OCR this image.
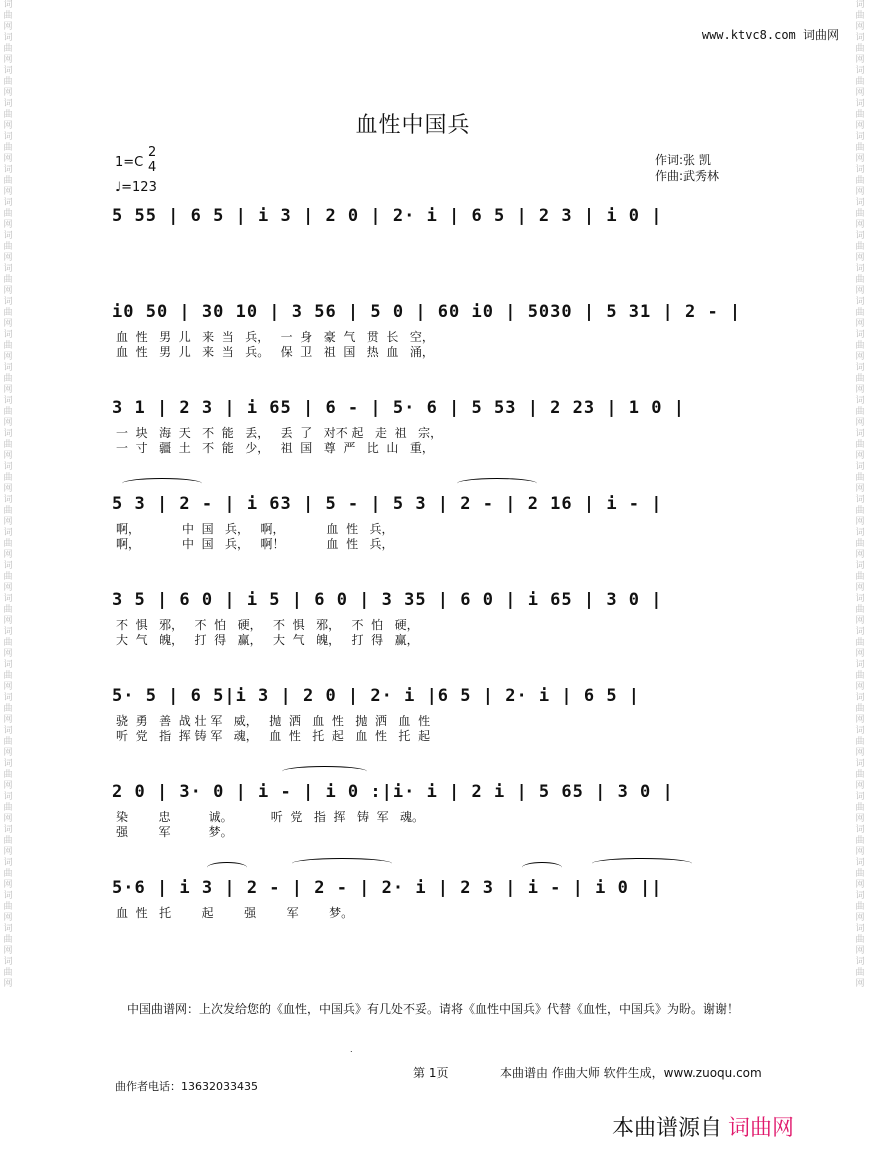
词曲网词曲网词曲网词曲网词曲网词曲网词曲网词曲网词曲网词曲网词曲网词曲网词曲网词曲网词曲网词曲网词曲网词曲网词曲网词曲网词曲网词曲网词曲网词曲网词曲网词曲网词曲网词曲网词曲网词曲网
词曲网词曲网词曲网词曲网词曲网词曲网词曲网词曲网词曲网词曲网词曲网词曲网词曲网词曲网词曲网词曲网词曲网词曲网词曲网词曲网词曲网词曲网词曲网词曲网词曲网词曲网词曲网词曲网词曲网词曲网
www.ktvc8.com 词曲网
血性中国兵
1=C
2
4
♩=123
作词:张 凯
作曲:武秀林
5 55 | 6 5 | i 3 | 2 0 | 2· i | 6 5 | 2 3 | i 0 |
i0 50 | 30 10 | 3 56 | 5 0 | 60 i0 | 5030 | 5 31 | 2 - |
血  性   男  儿   来  当   兵，   一  身   豪  气   贯  长   空，
血  性   男  儿   来  当   兵。   保  卫   祖  国   热  血   涌，
3 1 | 2 3 | i 65 | 6 - | 5· 6 | 5 53 | 2 23 | 1 0 |
一  块   海  天   不  能   丢，   丢  了   对不 起   走  祖   宗，
一  寸   疆  土   不  能   少，   祖  国   尊  严   比  山   重，
5 3 | 2 - | i 63 | 5 - | 5 3 | 2 - | 2 16 | i - |
啊，           中  国   兵，   啊，           血  性   兵，
啊，           中  国   兵，   啊！           血  性   兵，
3 5 | 6 0 | i 5 | 6 0 | 3 35 | 6 0 | i 65 | 3 0 |
不  惧   邪，   不  怕   硬，   不  惧   邪，   不  怕   硬，
大  气   魄，   打  得   赢，   大  气   魄，   打  得   赢，
5· 5 | 6 5|i 3 | 2 0 | 2· i |6 5 | 2· i | 6 5 |
骁  勇   善  战 壮 军   威，   抛  洒   血  性   抛  洒   血  性
听  党   指  挥 铸 军   魂，   血  性   托  起   血  性   托  起
2 0 | 3· 0 | i - | i 0 :|i· i | 2 i | 5 65 | 3 0 |
染        忠          诚。          听  党   指  挥   铸  军   魂。
强        军          梦。
5·6 | i 3 | 2 - | 2 - | 2· i | 2 3 | i - | i 0 ||
血  性   托        起        强        军        梦。
中国曲谱网：上次发给您的《血性，中国兵》有几处不妥。请将《血性中国兵》代替《血性，中国兵》为盼。谢谢！
.
第 1页	本曲谱由 作曲大师 软件生成，www.zuoqu.com
曲作者电话：13632033435
本曲谱源自 词曲网
